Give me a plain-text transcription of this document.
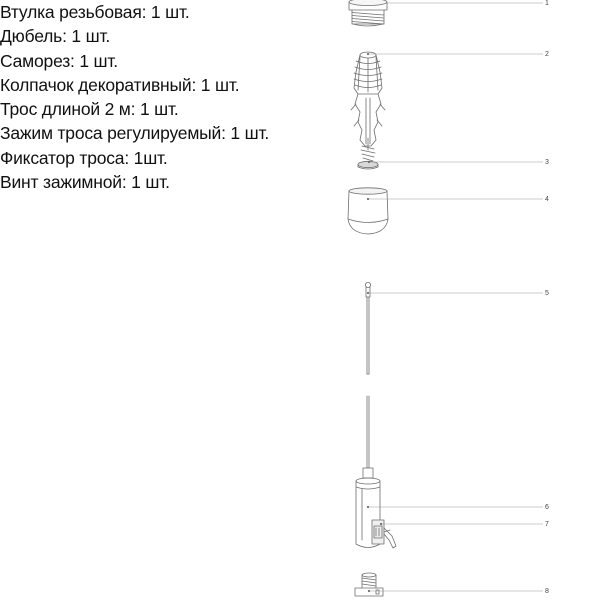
Втулка резьбовая: 1 шт.
Дюбель: 1 шт.
Саморез: 1 шт.
Колпачок декоративный: 1 шт.
Трос длиной 2 м: 1 шт.
Зажим троса регулируемый: 1 шт.
Фиксатор троса: 1шт.
Винт зажимной: 1 шт.
1
2
3
4
5
6
7
8
